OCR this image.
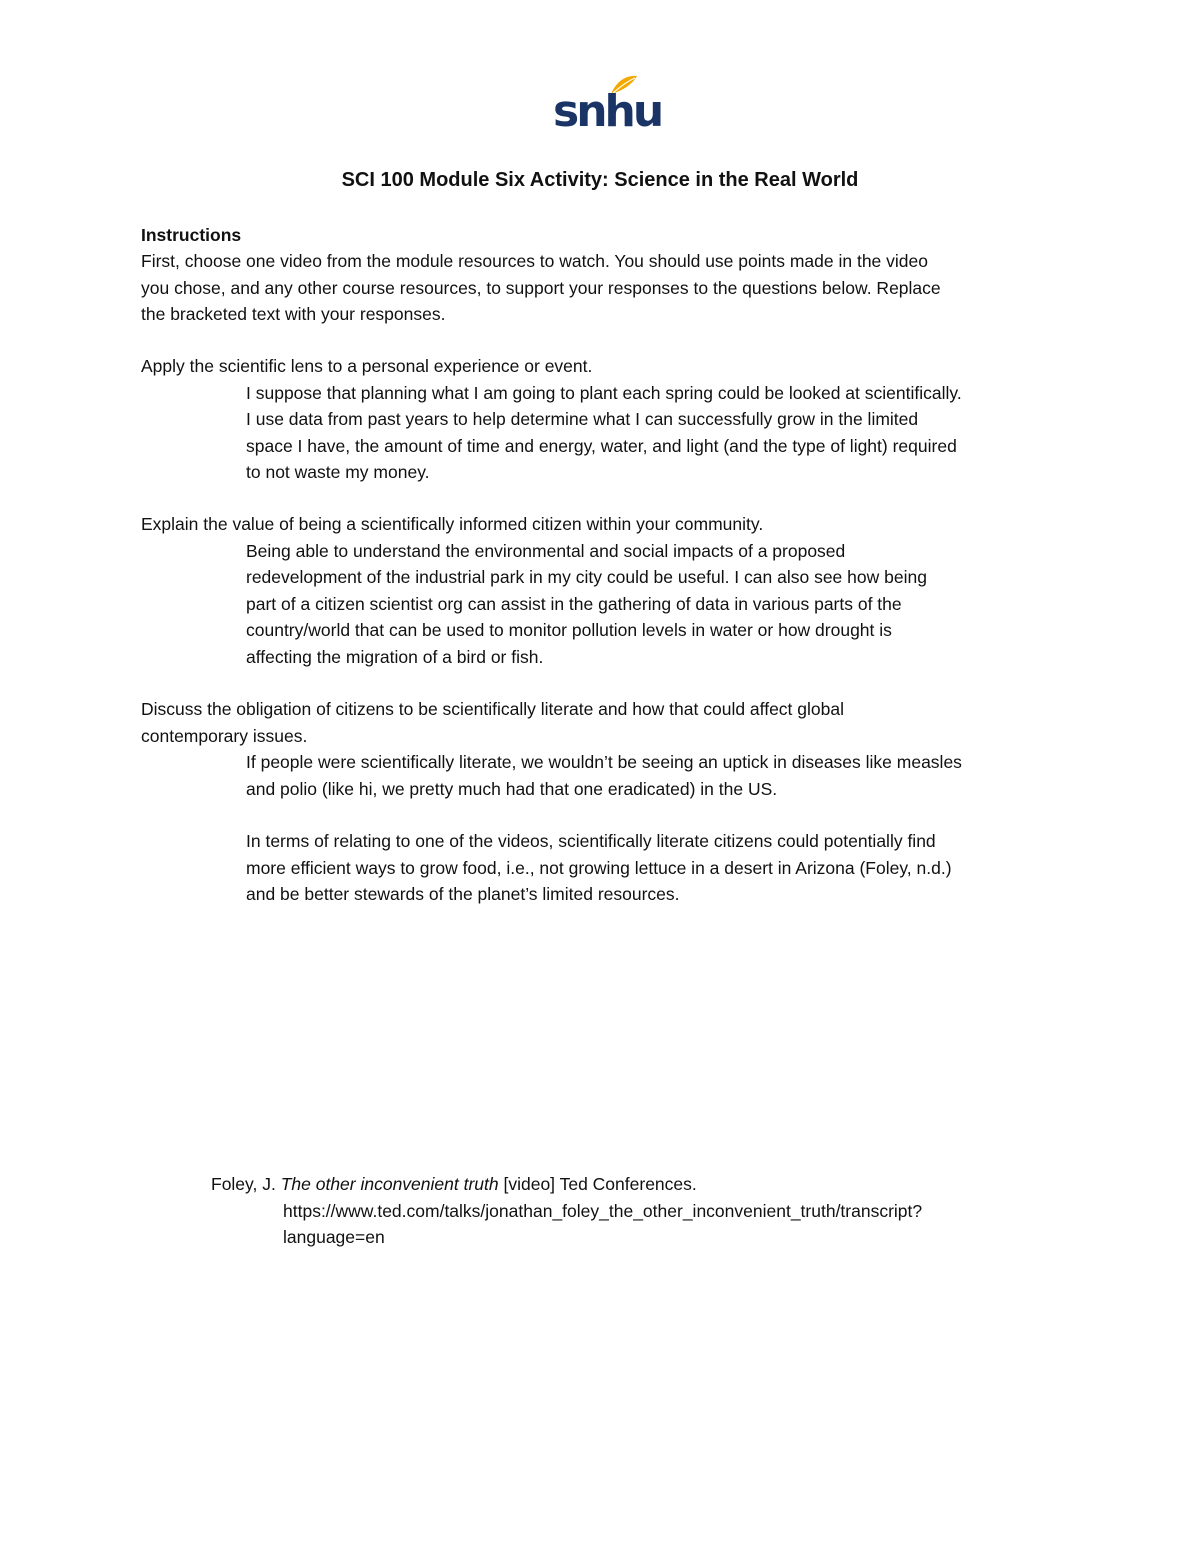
snhu
SCI 100 Module Six Activity: Science in the Real World
Instructions
First, choose one video from the module resources to watch. You should use points made in the video
you chose, and any other course resources, to support your responses to the questions below. Replace
the bracketed text with your responses.
Apply the scientific lens to a personal experience or event.
I suppose that planning what I am going to plant each spring could be looked at scientifically.
I use data from past years to help determine what I can successfully grow in the limited
space I have, the amount of time and energy, water, and light (and the type of light) required
to not waste my money.
Explain the value of being a scientifically informed citizen within your community.
Being able to understand the environmental and social impacts of a proposed
redevelopment of the industrial park in my city could be useful. I can also see how being
part of a citizen scientist org can assist in the gathering of data in various parts of the
country/world that can be used to monitor pollution levels in water or how drought is
affecting the migration of a bird or fish.
Discuss the obligation of citizens to be scientifically literate and how that could affect global
contemporary issues.
If people were scientifically literate, we wouldn’t be seeing an uptick in diseases like measles
and polio (like hi, we pretty much had that one eradicated) in the US.
In terms of relating to one of the videos, scientifically literate citizens could potentially find
more efficient ways to grow food, i.e., not growing lettuce in a desert in Arizona (Foley, n.d.)
and be better stewards of the planet’s limited resources.
Foley, J. The other inconvenient truth [video] Ted Conferences.
https://www.ted.com/talks/jonathan_foley_the_other_inconvenient_truth/transcript?
language=en
